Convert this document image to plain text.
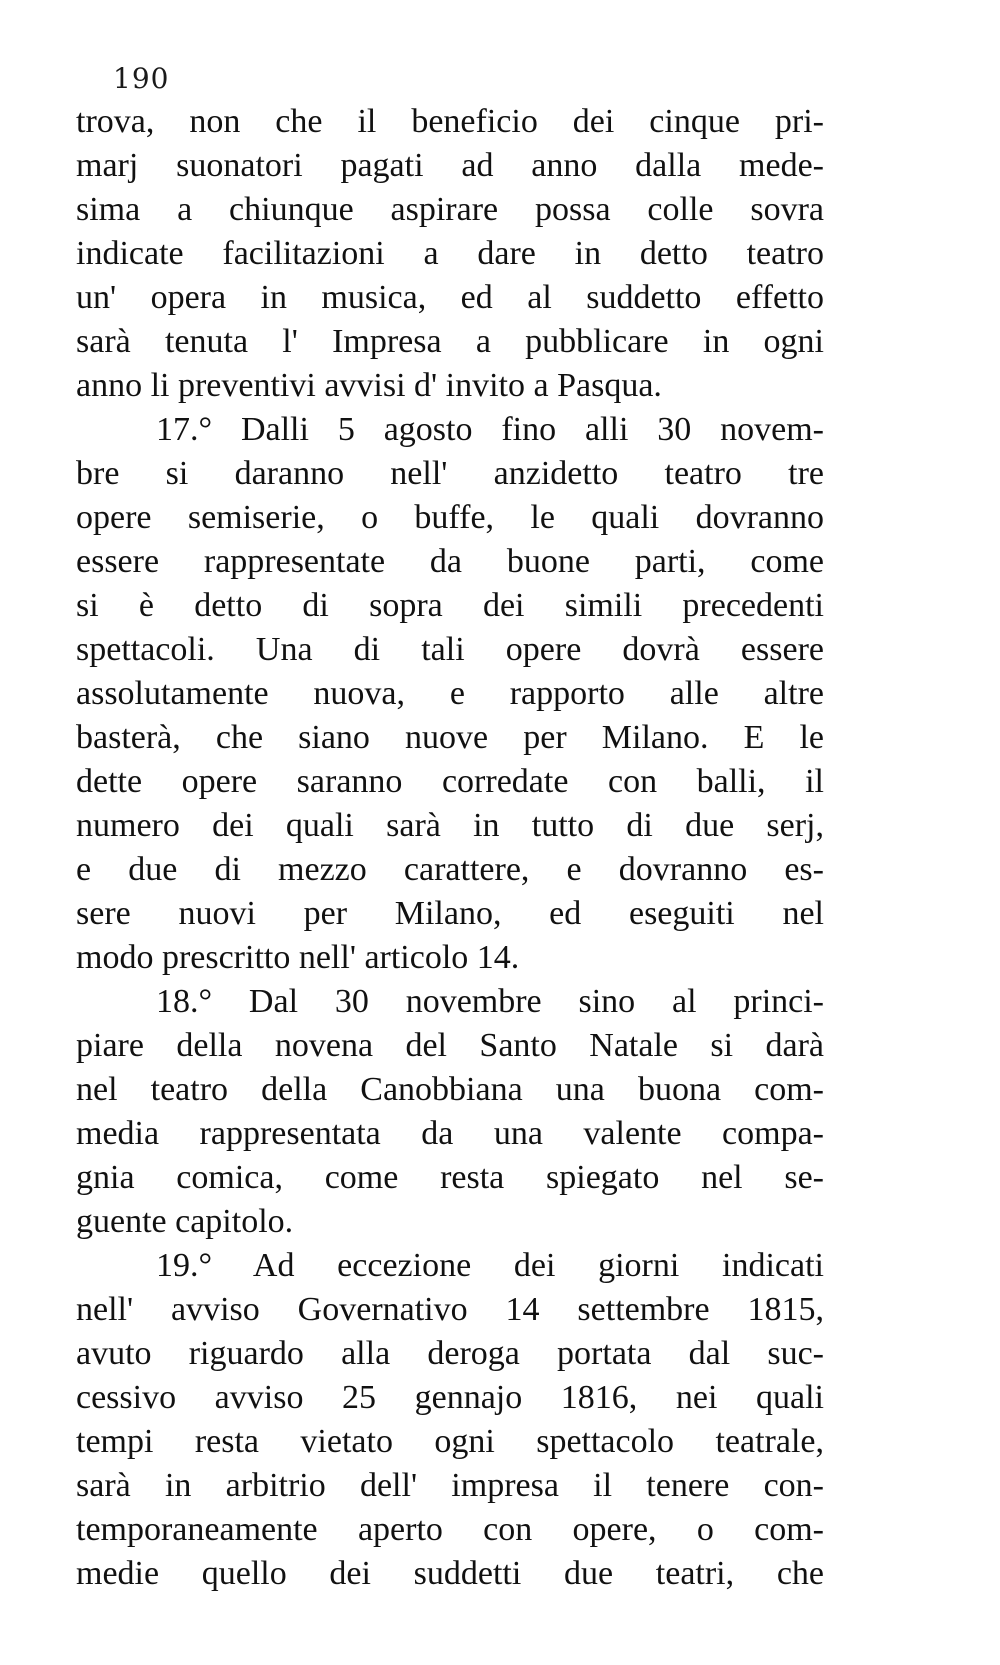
190
trova, non che il beneficio dei cinque pri-
marj suonatori pagati ad anno dalla mede-
sima a chiunque aspirare possa colle sovra
indicate facilitazioni a dare in detto teatro
un' opera in musica, ed al suddetto effetto
sarà tenuta l' Impresa a pubblicare in ogni
anno li preventivi avvisi d' invito a Pasqua.
17.° Dalli 5 agosto fino alli 30 novem-
bre si daranno nell' anzidetto teatro tre
opere semiserie, o buffe, le quali dovranno
essere rappresentate da buone parti, come
si è detto di sopra dei simili precedenti
spettacoli. Una di tali opere dovrà essere
assolutamente nuova, e rapporto alle altre
basterà, che siano nuove per Milano. E le
dette opere saranno corredate con balli, il
numero dei quali sarà in tutto di due serj,
e due di mezzo carattere, e dovranno es-
sere nuovi per Milano, ed eseguiti nel
modo prescritto nell' articolo 14.
18.° Dal 30 novembre sino al princi-
piare della novena del Santo Natale si darà
nel teatro della Canobbiana una buona com-
media rappresentata da una valente compa-
gnia comica, come resta spiegato nel se-
guente capitolo.
19.° Ad eccezione dei giorni indicati
nell' avviso Governativo 14 settembre 1815,
avuto riguardo alla deroga portata dal suc-
cessivo avviso 25 gennajo 1816, nei quali
tempi resta vietato ogni spettacolo teatrale,
sarà in arbitrio dell' impresa il tenere con-
temporaneamente aperto con opere, o com-
medie quello dei suddetti due teatri, che
